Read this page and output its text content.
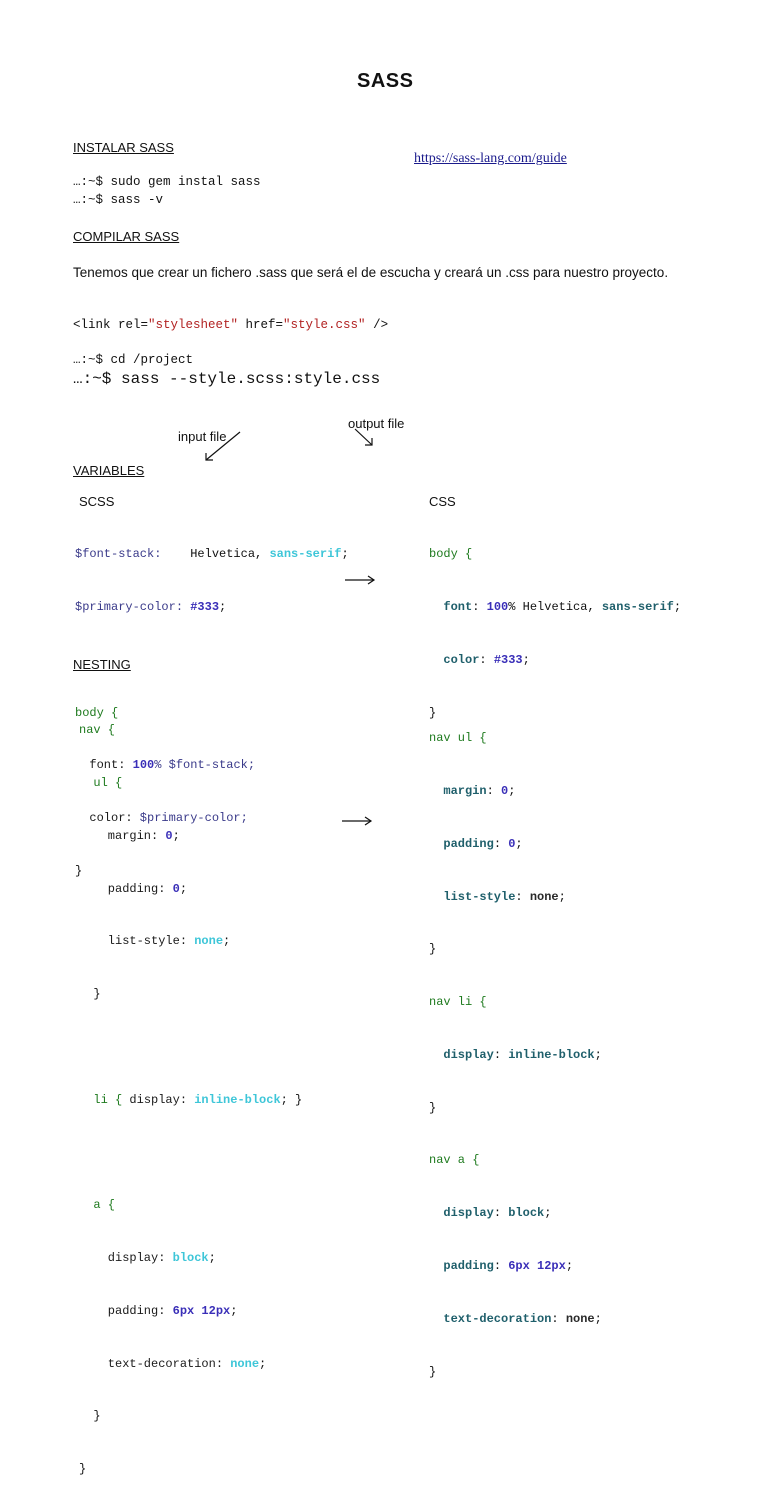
SASS
INSTALAR SASS
https://sass-lang.com/guide
…:~$ sudo gem instal sass
…:~$ sass -v
COMPILAR SASS
Tenemos que crear un fichero .sass que será el de escucha y creará un .css para nuestro proyecto.
<link rel="stylesheet" href="style.css" />
…:~$ cd /project
…:~$ sass --style.scss:style.css

input file
output file
VARIABLES
SCSS	CSS

$font-stack:    Helvetica, sans-serif;

$primary-color: #333;

body {

font: 100% $font-stack;

color: $primary-color;

}

body {

font: 100% Helvetica, sans-serif;

color: #333;

}

NESTING

nav {

ul {

margin: 0;

padding: 0;

list-style: none;

}

li { display: inline-block; }

a {

display: block;

padding: 6px 12px;

text-decoration: none;

}

}

nav ul {

margin: 0;

padding: 0;

list-style: none;

}

nav li {

display: inline-block;

}

nav a {

display: block;

padding: 6px 12px;

text-decoration: none;

}
